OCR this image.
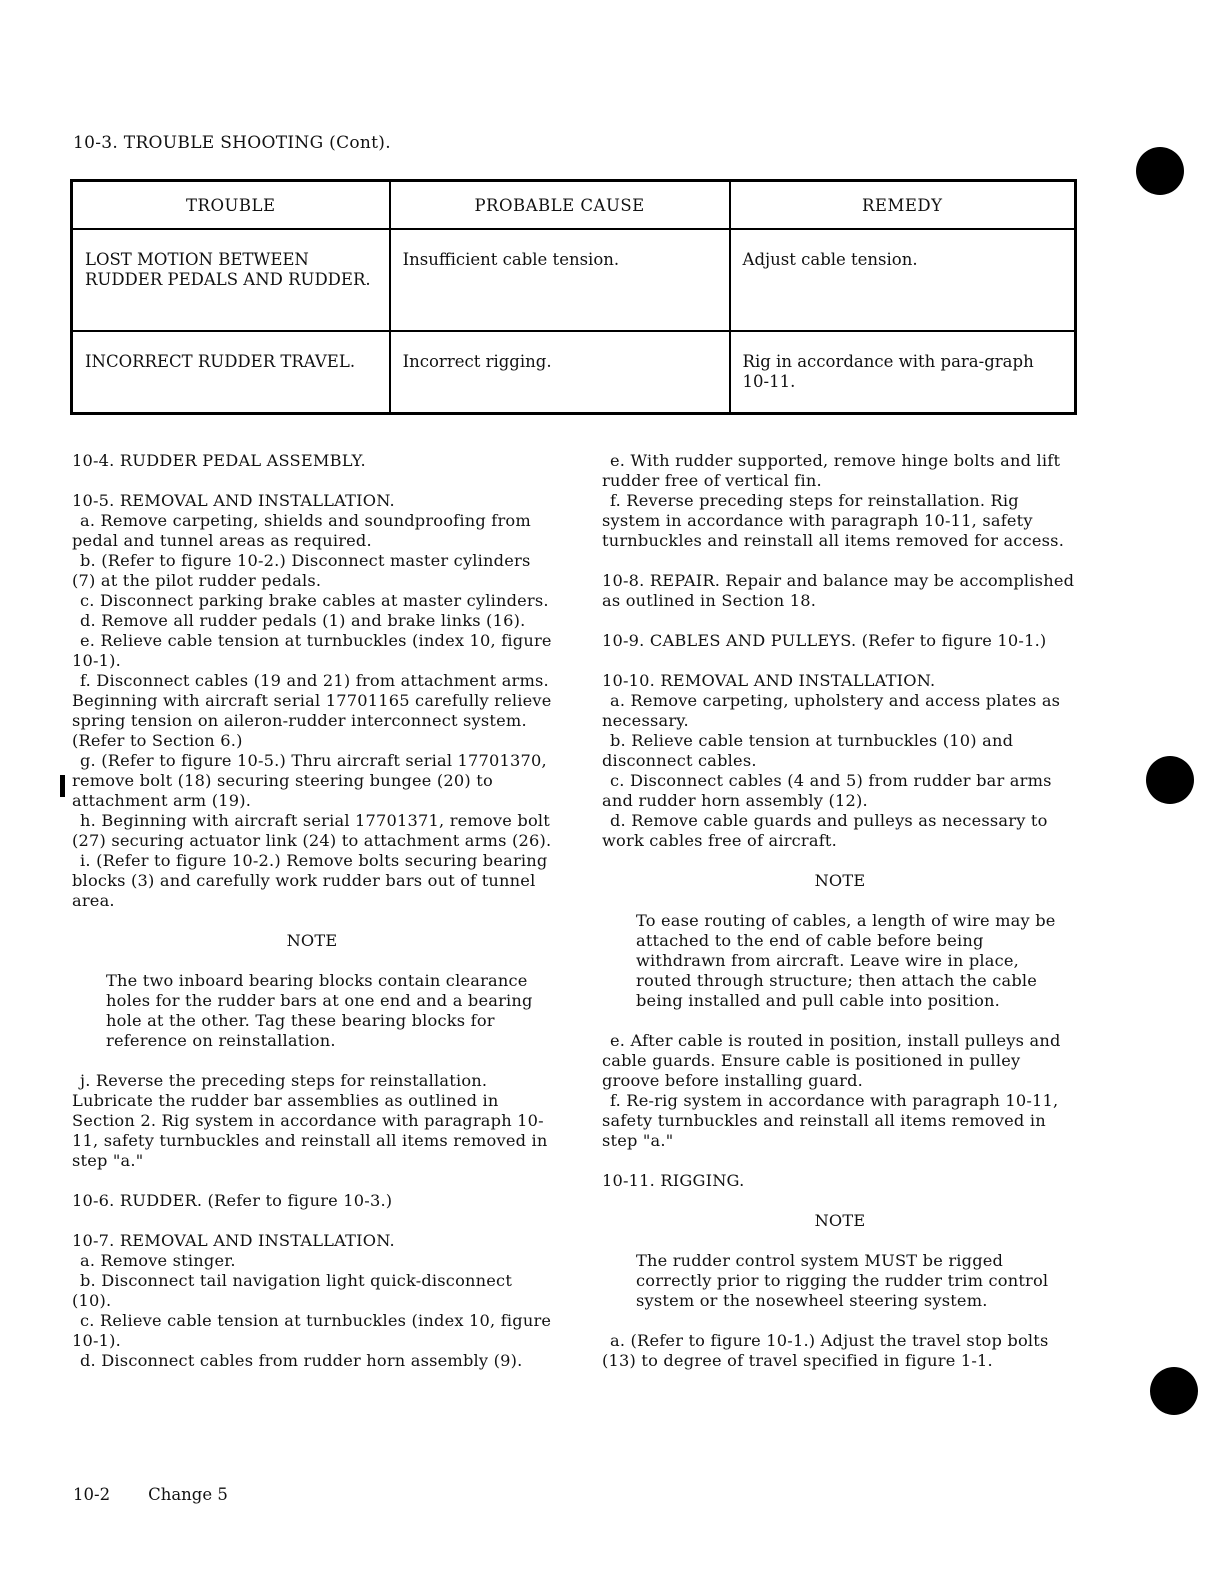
10-3. TROUBLE SHOOTING (Cont).
TROUBLE	PROBABLE CAUSE	REMEDY
LOST MOTION BETWEEN RUDDER PEDALS AND RUDDER.	Insufficient cable tension.	Adjust cable tension.
INCORRECT RUDDER TRAVEL.	Incorrect rigging.	Rig in accordance with para-graph 10-11.

10-4. RUDDER PEDAL ASSEMBLY.

10-5. REMOVAL AND INSTALLATION.

a. Remove carpeting, shields and soundproofing from pedal and tunnel areas as required.

b. (Refer to figure 10-2.) Disconnect master cylinders (7) at the pilot rudder pedals.

c. Disconnect parking brake cables at master cylinders.

d. Remove all rudder pedals (1) and brake links (16).

e. Relieve cable tension at turnbuckles (index 10, figure 10-1).

f. Disconnect cables (19 and 21) from attachment arms. Beginning with aircraft serial 17701165 carefully relieve spring tension on aileron-rudder interconnect system. (Refer to Section 6.)

g. (Refer to figure 10-5.) Thru aircraft serial 17701370, remove bolt (18) securing steering bungee (20) to attachment arm (19).

h. Beginning with aircraft serial 17701371, remove bolt (27) securing actuator link (24) to attachment arms (26).

i. (Refer to figure 10-2.) Remove bolts securing bearing blocks (3) and carefully work rudder bars out of tunnel area.

NOTE

The two inboard bearing blocks contain clearance holes for the rudder bars at one end and a bearing hole at the other. Tag these bearing blocks for reference on reinstallation.

j. Reverse the preceding steps for reinstallation. Lubricate the rudder bar assemblies as outlined in Section 2. Rig system in accordance with paragraph 10-11, safety turnbuckles and reinstall all items removed in step "a."

10-6. RUDDER. (Refer to figure 10-3.)

10-7. REMOVAL AND INSTALLATION.

a. Remove stinger.

b. Disconnect tail navigation light quick-disconnect (10).

c. Relieve cable tension at turnbuckles (index 10, figure 10-1).

d. Disconnect cables from rudder horn assembly (9).

e. With rudder supported, remove hinge bolts and lift rudder free of vertical fin.

f. Reverse preceding steps for reinstallation. Rig system in accordance with paragraph 10-11, safety turnbuckles and reinstall all items removed for access.

10-8. REPAIR. Repair and balance may be accomplished as outlined in Section 18.

10-9. CABLES AND PULLEYS. (Refer to figure 10-1.)

10-10. REMOVAL AND INSTALLATION.

a. Remove carpeting, upholstery and access plates as necessary.

b. Relieve cable tension at turnbuckles (10) and disconnect cables.

c. Disconnect cables (4 and 5) from rudder bar arms and rudder horn assembly (12).

d. Remove cable guards and pulleys as necessary to work cables free of aircraft.

NOTE

To ease routing of cables, a length of wire may be attached to the end of cable before being withdrawn from aircraft. Leave wire in place, routed through structure; then attach the cable being installed and pull cable into position.

e. After cable is routed in position, install pulleys and cable guards. Ensure cable is positioned in pulley groove before installing guard.

f. Re-rig system in accordance with paragraph 10-11, safety turnbuckles and reinstall all items removed in step "a."

10-11. RIGGING.

NOTE

The rudder control system MUST be rigged correctly prior to rigging the rudder trim control system or the nosewheel steering system.

a. (Refer to figure 10-1.) Adjust the travel stop bolts (13) to degree of travel specified in figure 1-1.

10-2 Change 5
